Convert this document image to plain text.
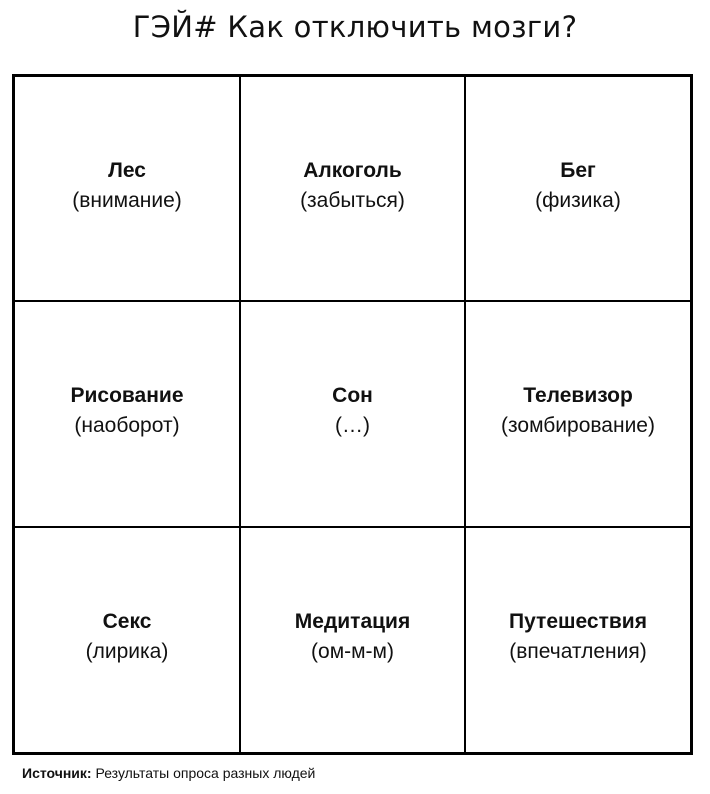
ГЭЙ# Как отключить мозги?
Лес
(внимание)
Алкоголь
(забыться)
Бег
(физика)
Рисование
(наоборот)
Сон
(…)
Телевизор
(зомбирование)
Секс
(лирика)
Медитация
(ом-м-м)
Путешествия
(впечатления)
Источник: Результаты опроса разных людей
